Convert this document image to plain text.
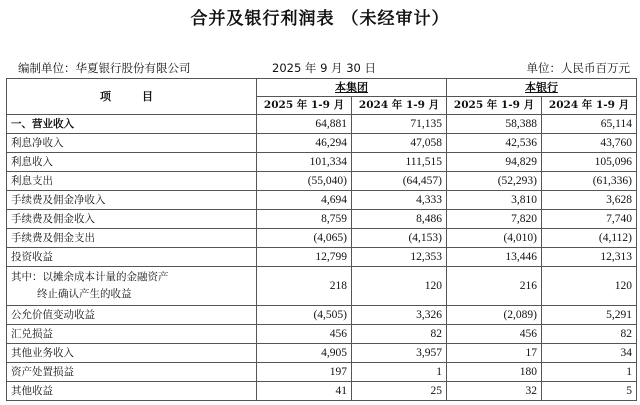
合并及银行利润表 （未经审计）
编制单位：华夏银行股份有限公司	2025 年 9 月 30 日	单位：人民币百万元
项　目	本集团		本银行	
	2025 年 1-9 月	2024 年 1-9 月	2025 年 1-9 月	2024 年 1-9 月
一、营业收入	64,881	71,135	58,388	65,114
利息净收入	46,294	47,058	42,536	43,760
利息收入	101,334	111,515	94,829	105,096
利息支出	(55,040)	(64,457)	(52,293)	(61,336)
手续费及佣金净收入	4,694	4,333	3,810	3,628
手续费及佣金收入	8,759	8,486	7,820	7,740
手续费及佣金支出	(4,065)	(4,153)	(4,010)	(4,112)
投资收益	12,799	12,353	13,446	12,313

其中：以摊余成本计量的金融资产
终止确认产生的收益	218	120	216	120
公允价值变动收益	(4,505)	3,326	(2,089)	5,291
汇兑损益	456	82	456	82
其他业务收入	4,905	3,957	17	34
资产处置损益	197	1	180	1
其他收益	41	25	32	5
